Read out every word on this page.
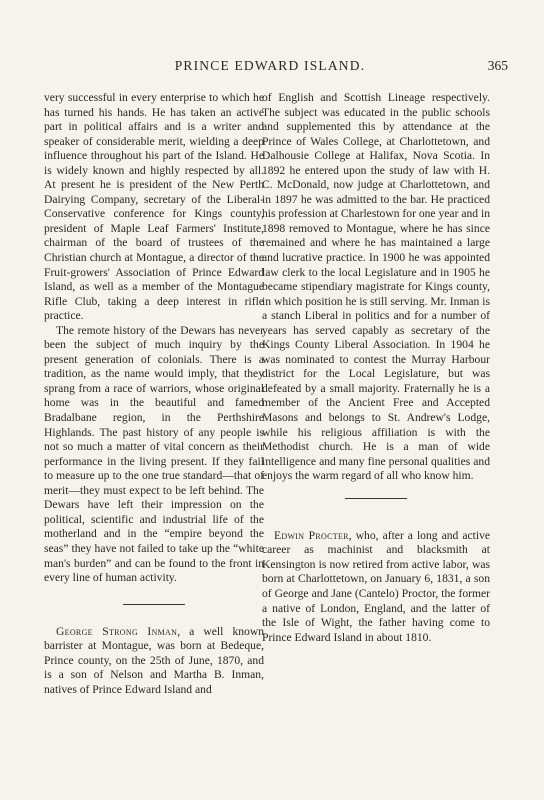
PRINCE EDWARD ISLAND.	365

very successful in every enterprise to which he has turned his hands. He has taken an active part in political affairs and is a writer and speaker of considerable merit, wielding a deep influence throughout his part of the Island. He is widely known and highly respected by all. At present he is president of the New Perth Dairying Company, secretary of the Liberal-Conservative conference for Kings county, president of Maple Leaf Farmers' Institute, chairman of the board of trustees of the Christian church at Montague, a director of the Fruit-growers' Association of Prince Edward Island, as well as a member of the Montague Rifle Club, taking a deep interest in rifle practice.

The remote history of the Dewars has never been the subject of much inquiry by the present generation of colonials. There is a tradition, as the name would imply, that they sprang from a race of warriors, whose original home was in the beautiful and famed Bradalbane region, in the Perthshire Highlands. The past history of any people is not so much a matter of vital concern as their performance in the living present. If they fail to measure up to the one true standard—that of merit—they must expect to be left behind. The Dewars have left their impression on the political, scientific and industrial life of the motherland and in the “empire beyond the seas” they have not failed to take up the “white man's burden” and can be found to the front in every line of human activity.

George Strong Inman, a well known barrister at Montague, was born at Bedeque, Prince county, on the 25th of June, 1870, and is a son of Nelson and Martha B. Inman, natives of Prince Edward Island and

of English and Scottish Lineage respectively. The subject was educated in the public schools and supplemented this by attendance at the Prince of Wales College, at Charlottetown, and Dalhousie College at Halifax, Nova Scotia. In 1892 he entered upon the study of law with H. C. McDonald, now judge at Charlottetown, and in 1897 he was admitted to the bar. He practiced his profession at Charlestown for one year and in 1898 removed to Montague, where he has since remained and where he has maintained a large and lucrative practice. In 1900 he was appointed law clerk to the local Legislature and in 1905 he became stipendiary magistrate for Kings county, in which position he is still serving. Mr. Inman is a stanch Liberal in politics and for a number of years has served capably as secretary of the Kings County Liberal Association. In 1904 he was nominated to contest the Murray Harbour district for the Local Legislature, but was defeated by a small majority. Fraternally he is a member of the Ancient Free and Accepted Masons and belongs to St. Andrew's Lodge, while his religious affiliation is with the Methodist church. He is a man of wide intelligence and many fine personal qualities and enjoys the warm regard of all who know him.

Edwin Procter, who, after a long and active career as machinist and blacksmith at Kensington is now retired from active labor, was born at Charlottetown, on January 6, 1831, a son of George and Jane (Cantelo) Proctor, the former a native of London, England, and the latter of the Isle of Wight, the father having come to Prince Edward Island in about 1810.
